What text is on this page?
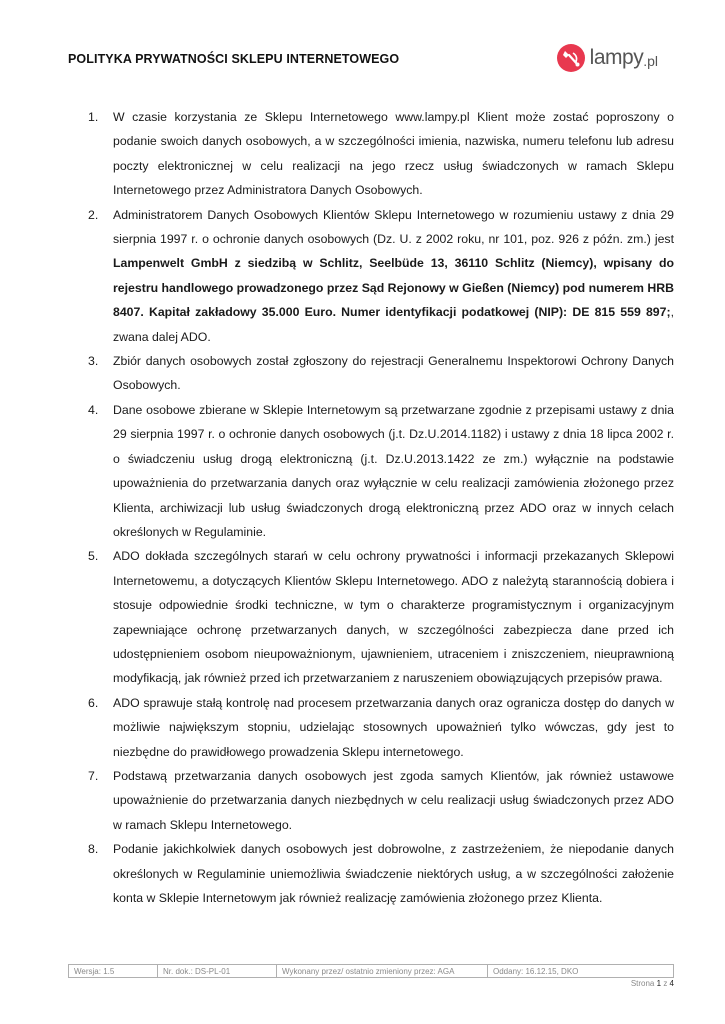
POLITYKA PRYWATNOŚCI SKLEPU INTERNETOWEGO	lampy .pl
1. W czasie korzystania ze Sklepu Internetowego www.lampy.pl Klient może zostać poproszony o podanie swoich danych osobowych, a w szczególności imienia, nazwiska, numeru telefonu lub adresu poczty elektronicznej w celu realizacji na jego rzecz usług świadczonych w ramach Sklepu Internetowego przez Administratora Danych Osobowych.
2. Administratorem Danych Osobowych Klientów Sklepu Internetowego w rozumieniu ustawy z dnia 29 sierpnia 1997 r. o ochronie danych osobowych (Dz. U. z 2002 roku, nr 101, poz. 926 z późn. zm.) jest Lampenwelt GmbH z siedzibą w Schlitz, Seelbüde 13, 36110 Schlitz (Niemcy), wpisany do rejestru handlowego prowadzonego przez Sąd Rejonowy w Gießen (Niemcy) pod numerem HRB 8407. Kapitał zakładowy 35.000 Euro. Numer identyfikacji podatkowej (NIP): DE 815 559 897;, zwana dalej ADO.
3. Zbiór danych osobowych został zgłoszony do rejestracji Generalnemu Inspektorowi Ochrony Danych Osobowych.
4. Dane osobowe zbierane w Sklepie Internetowym są przetwarzane zgodnie z przepisami ustawy z dnia 29 sierpnia 1997 r. o ochronie danych osobowych (j.t. Dz.U.2014.1182) i ustawy z dnia 18 lipca 2002 r. o świadczeniu usług drogą elektroniczną (j.t. Dz.U.2013.1422 ze zm.) wyłącznie na podstawie upoważnienia do przetwarzania danych oraz wyłącznie w celu realizacji zamówienia złożonego przez Klienta, archiwizacji lub usług świadczonych drogą elektroniczną przez ADO oraz w innych celach określonych w Regulaminie.
5. ADO dokłada szczególnych starań w celu ochrony prywatności i informacji przekazanych Sklepowi Internetowemu, a dotyczących Klientów Sklepu Internetowego. ADO z należytą starannością dobiera i stosuje odpowiednie środki techniczne, w tym o charakterze programistycznym i organizacyjnym zapewniające ochronę przetwarzanych danych, w szczególności zabezpiecza dane przed ich udostępnieniem osobom nieupoważnionym, ujawnieniem, utraceniem i zniszczeniem, nieuprawnioną modyfikacją, jak również przed ich przetwarzaniem z naruszeniem obowiązujących przepisów prawa.
6. ADO sprawuje stałą kontrolę nad procesem przetwarzania danych oraz ogranicza dostęp do danych w możliwie największym stopniu, udzielając stosownych upoważnień tylko wówczas, gdy jest to niezbędne do prawidłowego prowadzenia Sklepu internetowego.
7. Podstawą przetwarzania danych osobowych jest zgoda samych Klientów, jak również ustawowe upoważnienie do przetwarzania danych niezbędnych w celu realizacji usług świadczonych przez ADO w ramach Sklepu Internetowego.
8. Podanie jakichkolwiek danych osobowych jest dobrowolne, z zastrzeżeniem, że niepodanie danych określonych w Regulaminie uniemożliwia świadczenie niektórych usług, a w szczególności założenie konta w Sklepie Internetowym jak również realizację zamówienia złożonego przez Klienta.
Wersja: 1.5	Nr. dok.: DS-PL-01	Wykonany przez/ ostatnio zmieniony przez: AGA	Oddany: 16.12.15, DKO
Strona 1 z 4
